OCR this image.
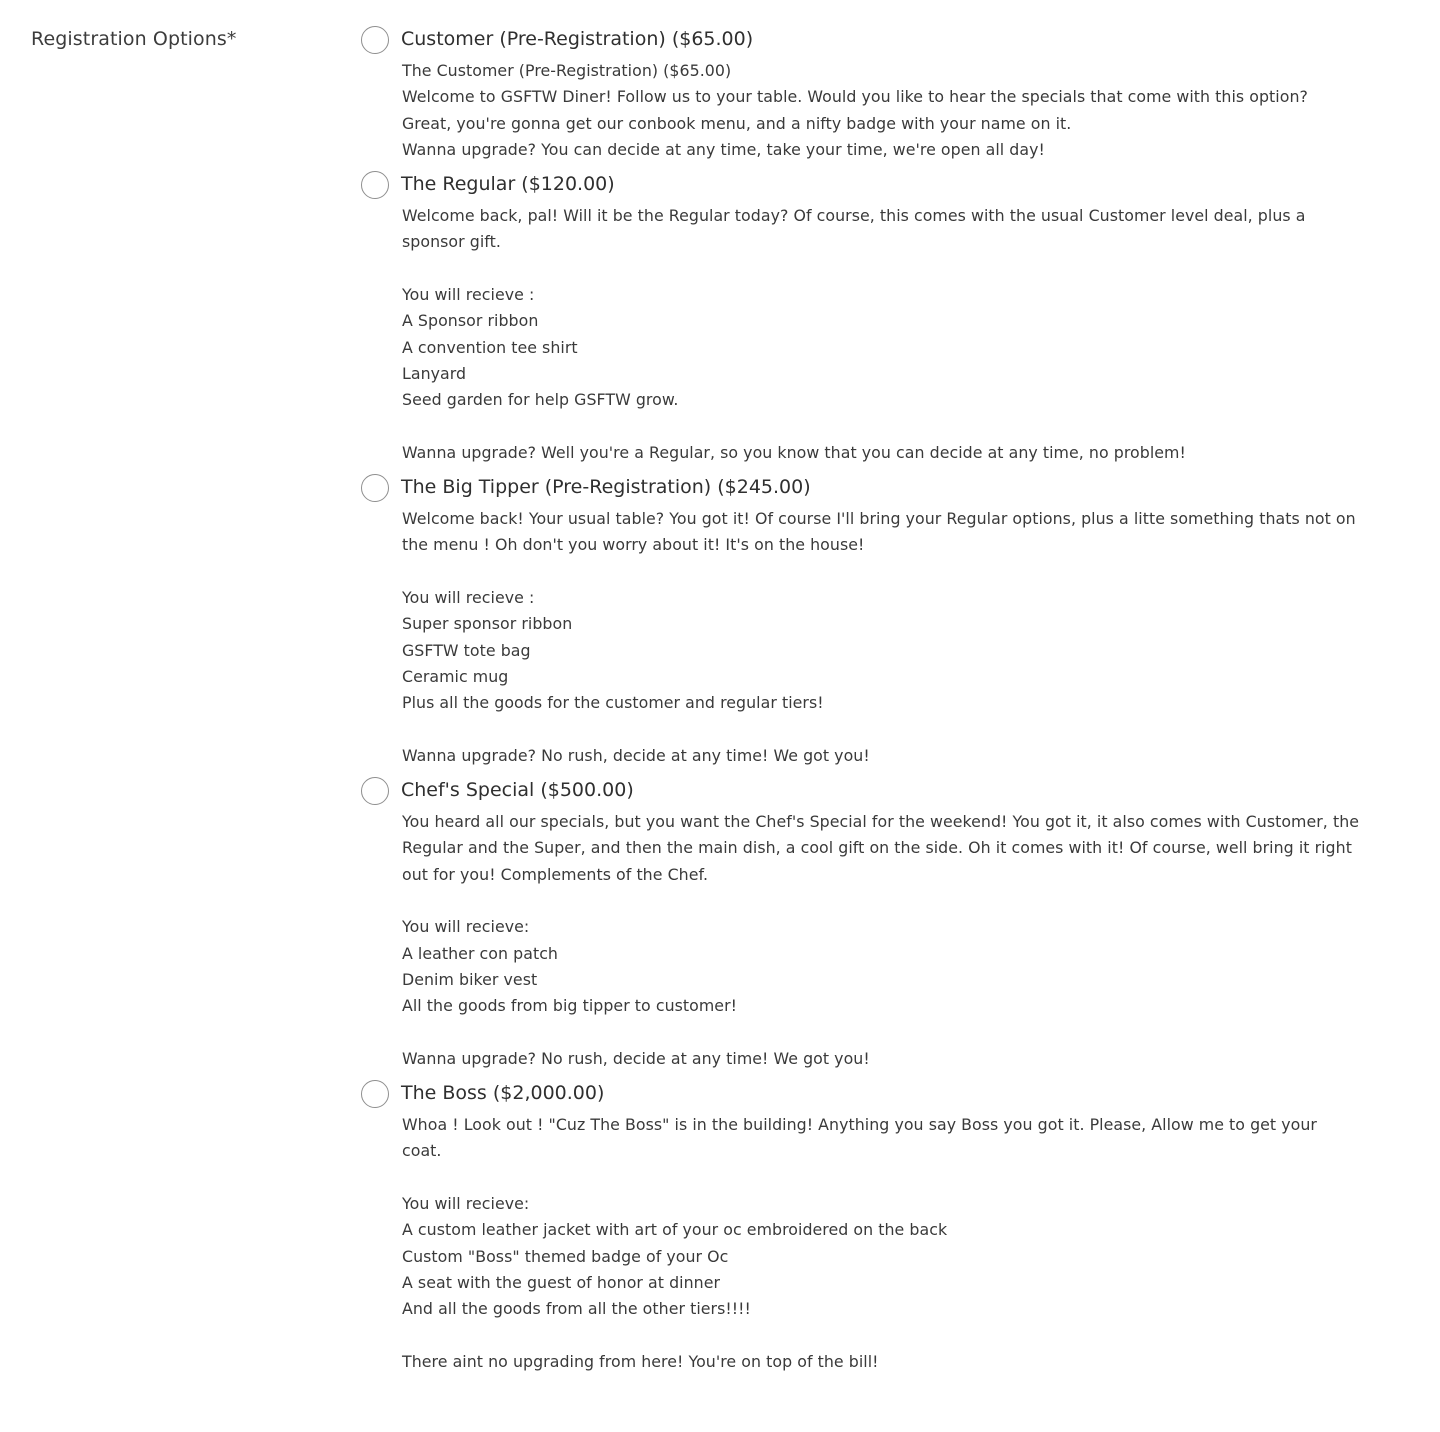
Registration Options*	Customer (Pre-Registration) ($65.00)
The Customer (Pre-Registration) ($65.00)
Welcome to GSFTW Diner! Follow us to your table. Would you like to hear the specials that come with this option? Great, you're gonna get our conbook menu, and a nifty badge with your name on it.
Wanna upgrade? You can decide at any time, take your time, we're open all day!
The Regular ($120.00)
Welcome back, pal! Will it be the Regular today? Of course, this comes with the usual Customer level deal, plus a sponsor gift.

You will recieve :
A Sponsor ribbon
A convention tee shirt
Lanyard
Seed garden for help GSFTW grow.

Wanna upgrade? Well you're a Regular, so you know that you can decide at any time, no problem!
The Big Tipper (Pre-Registration) ($245.00)
Welcome back! Your usual table? You got it! Of course I'll bring your Regular options, plus a litte something thats not on the menu ! Oh don't you worry about it! It's on the house!

You will recieve :
Super sponsor ribbon
GSFTW tote bag
Ceramic mug
Plus all the goods for the customer and regular tiers!

Wanna upgrade? No rush, decide at any time! We got you!
Chef's Special ($500.00)
You heard all our specials, but you want the Chef's Special for the weekend! You got it, it also comes with Customer, the Regular and the Super, and then the main dish, a cool gift on the side. Oh it comes with it! Of course, well bring it right out for you! Complements of the Chef.

You will recieve:
A leather con patch
Denim biker vest
All the goods from big tipper to customer!

Wanna upgrade? No rush, decide at any time! We got you!
The Boss ($2,000.00)
Whoa ! Look out ! "Cuz The Boss" is in the building! Anything you say Boss you got it. Please, Allow me to get your coat.

You will recieve:
A custom leather jacket with art of your oc embroidered on the back
Custom "Boss" themed badge of your Oc
A seat with the guest of honor at dinner
And all the goods from all the other tiers!!!!

There aint no upgrading from here! You're on top of the bill!
